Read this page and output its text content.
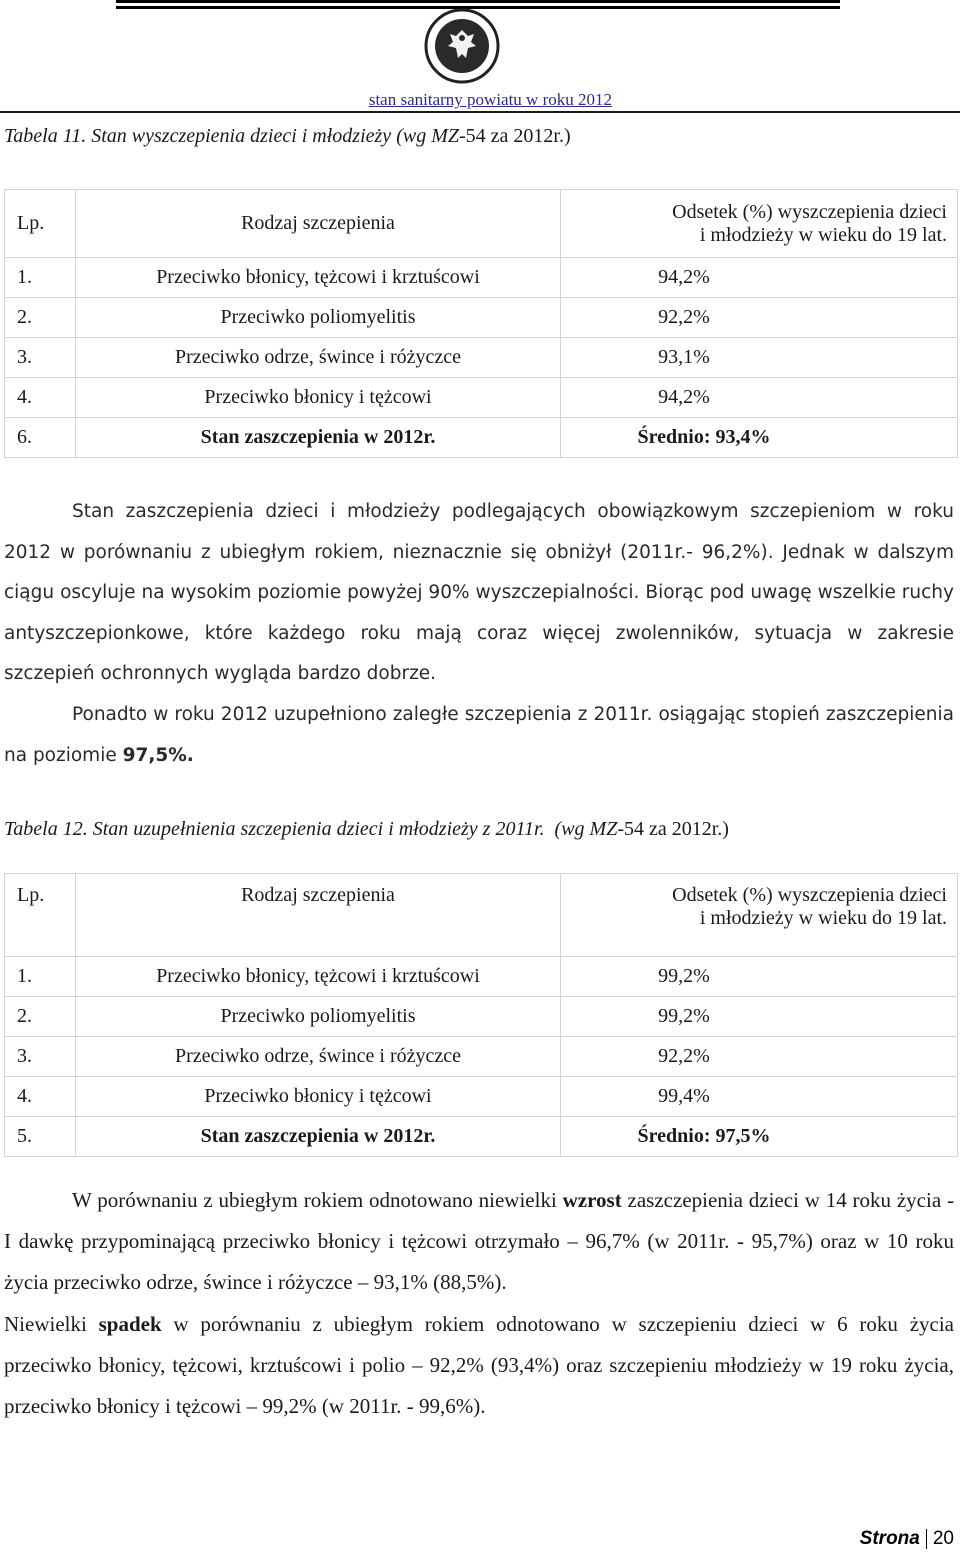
stan sanitarny powiatu w roku 2012
Tabela 11. Stan wyszczepienia dzieci i młodzieży (wg MZ-54 za 2012r.)
Lp.	Rodzaj szczepienia	Odsetek (%) wyszczepienia dzieci
i młodzieży w wieku do 19 lat.

1.	Przeciwko błonicy, tężcowi i krztuścowi	94,2%
2.	Przeciwko poliomyelitis	92,2%
3.	Przeciwko odrze, śwince i różyczce	93,1%
4.	Przeciwko błonicy i tężcowi	94,2%
6.	Stan zaszczepienia w 2012r.	Średnio: 93,4%

Stan zaszczepienia dzieci i młodzieży podlegających obowiązkowym szczepieniom w roku 2012 w porównaniu z ubiegłym rokiem, nieznacznie się obniżył (2011r.- 96,2%). Jednak w dalszym ciągu oscyluje na wysokim poziomie powyżej 90% wyszczepialności. Biorąc pod uwagę wszelkie ruchy antyszczepionkowe, które każdego roku mają coraz więcej zwolenników, sytuacja w zakresie szczepień ochronnych wygląda bardzo dobrze.

Ponadto w roku 2012 uzupełniono zaległe szczepienia z 2011r. osiągając stopień zaszczepienia na poziomie 97,5%.

Tabela 12. Stan uzupełnienia szczepienia dzieci i młodzieży z 2011r. (wg MZ-54 za 2012r.)
Lp.	Rodzaj szczepienia	Odsetek (%) wyszczepienia dzieci
i młodzieży w wieku do 19 lat.

1.	Przeciwko błonicy, tężcowi i krztuścowi	99,2%
2.	Przeciwko poliomyelitis	99,2%
3.	Przeciwko odrze, śwince i różyczce	92,2%
4.	Przeciwko błonicy i tężcowi	99,4%
5.	Stan zaszczepienia w 2012r.	Średnio: 97,5%

W porównaniu z ubiegłym rokiem odnotowano niewielki wzrost zaszczepienia dzieci w 14 roku życia - I dawkę przypominającą przeciwko błonicy i tężcowi otrzymało – 96,7% (w 2011r. - 95,7%) oraz w 10 roku życia przeciwko odrze, śwince i różyczce – 93,1% (88,5%).

Niewielki spadek w porównaniu z ubiegłym rokiem odnotowano w szczepieniu dzieci w 6 roku życia przeciwko błonicy, tężcowi, krztuścowi i polio – 92,2% (93,4%) oraz szczepieniu młodzieży w 19 roku życia, przeciwko błonicy i tężcowi – 99,2% (w 2011r. - 99,6%).

Strona 20
